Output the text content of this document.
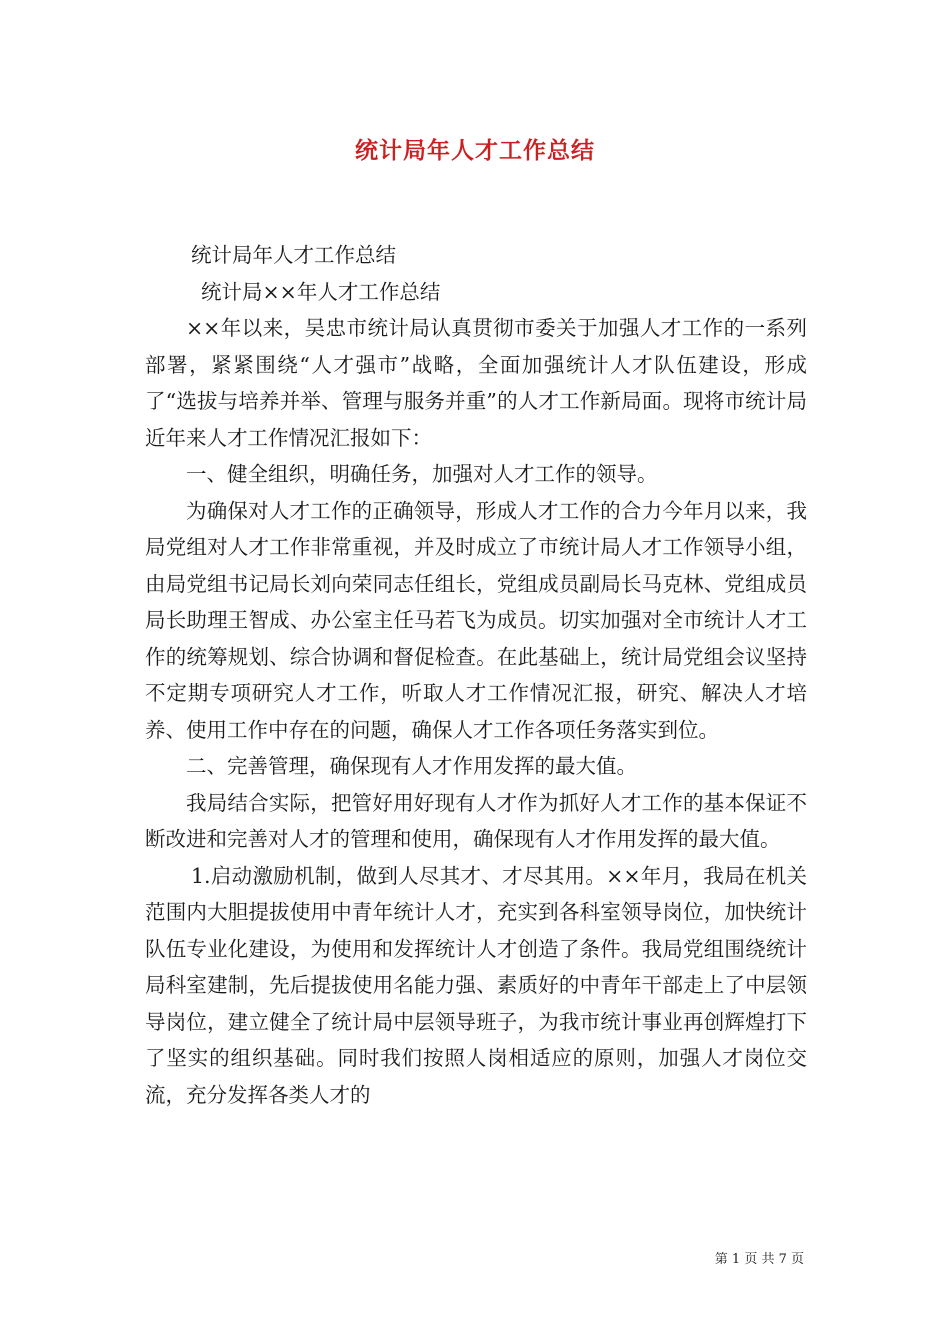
统计局年人才工作总结

统计局年人才工作总结

统计局××年人才工作总结

××年以来，吴忠市统计局认真贯彻市委关于加强人才工作的一系列部署，紧紧围绕“人才强市”战略，全面加强统计人才队伍建设，形成了“选拔与培养并举、管理与服务并重”的人才工作新局面。现将市统计局近年来人才工作情况汇报如下：

一、健全组织，明确任务，加强对人才工作的领导。

为确保对人才工作的正确领导，形成人才工作的合力今年月以来，我局党组对人才工作非常重视，并及时成立了市统计局人才工作领导小组，由局党组书记局长刘向荣同志任组长，党组成员副局长马克林、党组成员局长助理王智成、办公室主任马若飞为成员。切实加强对全市统计人才工作的统筹规划、综合协调和督促检查。在此基础上，统计局党组会议坚持不定期专项研究人才工作，听取人才工作情况汇报，研究、解决人才培养、使用工作中存在的问题，确保人才工作各项任务落实到位。

二、完善管理，确保现有人才作用发挥的最大值。

我局结合实际，把管好用好现有人才作为抓好人才工作的基本保证不断改进和完善对人才的管理和使用，确保现有人才作用发挥的最大值。

1.启动激励机制，做到人尽其才、才尽其用。××年月，我局在机关范围内大胆提拔使用中青年统计人才，充实到各科室领导岗位，加快统计队伍专业化建设，为使用和发挥统计人才创造了条件。我局党组围绕统计局科室建制，先后提拔使用名能力强、素质好的中青年干部走上了中层领导岗位，建立健全了统计局中层领导班子，为我市统计事业再创辉煌打下了坚实的组织基础。同时我们按照人岗相适应的原则，加强人才岗位交流，充分发挥各类人才的

第 1 页 共 7 页
